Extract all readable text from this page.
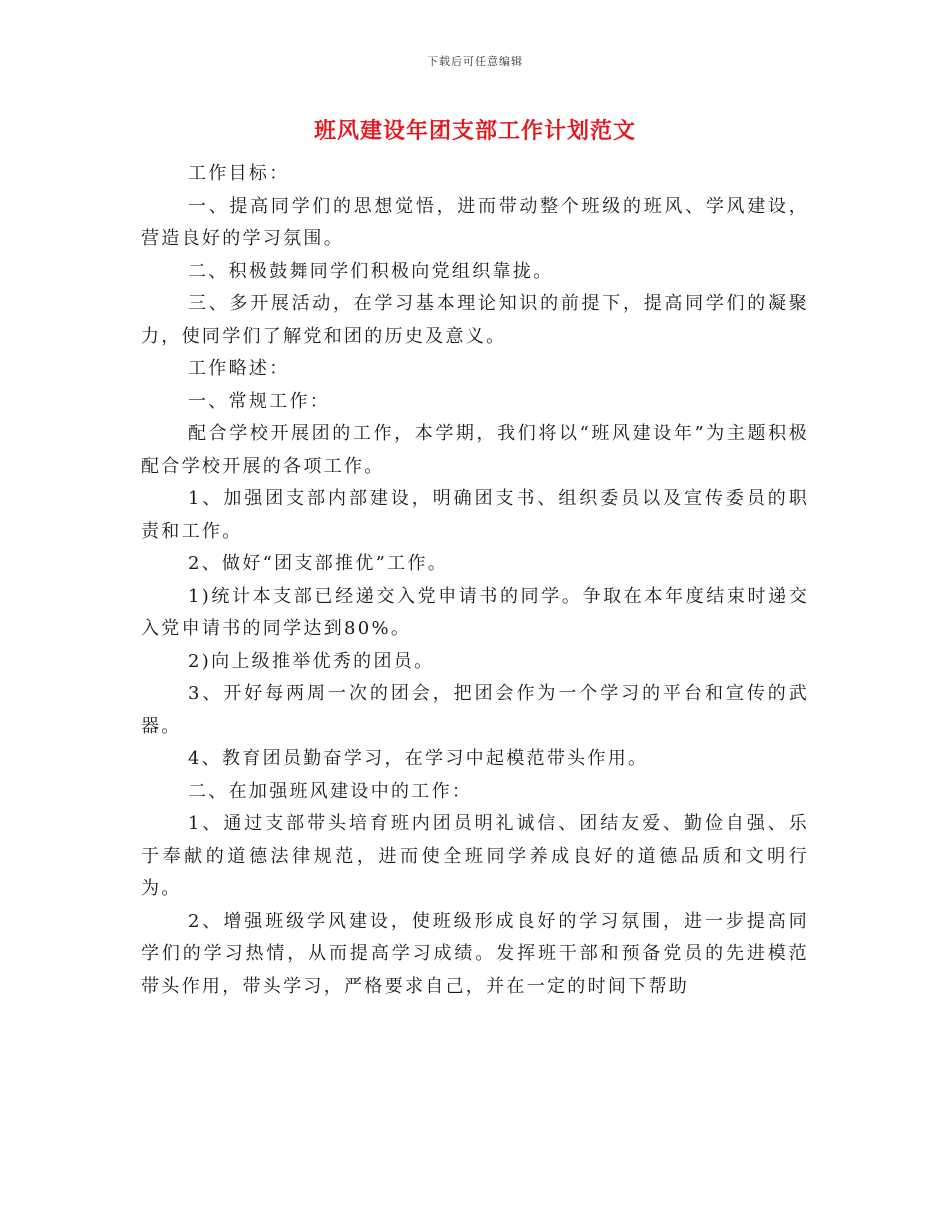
下载后可任意编辑
班风建设年团支部工作计划范文

工作目标：

一、提高同学们的思想觉悟，进而带动整个班级的班风、学风建设，营造良好的学习氛围。

二、积极鼓舞同学们积极向党组织靠拢。

三、多开展活动，在学习基本理论知识的前提下，提高同学们的凝聚力，使同学们了解党和团的历史及意义。

工作略述：

一、常规工作：

配合学校开展团的工作，本学期，我们将以“班风建设年”为主题积极配合学校开展的各项工作。

1、加强团支部内部建设，明确团支书、组织委员以及宣传委员的职责和工作。

2、做好“团支部推优”工作。

1)统计本支部已经递交入党申请书的同学。争取在本年度结束时递交入党申请书的同学达到80%。

2)向上级推举优秀的团员。

3、开好每两周一次的团会，把团会作为一个学习的平台和宣传的武器。

4、教育团员勤奋学习，在学习中起模范带头作用。

二、在加强班风建设中的工作：

1、通过支部带头培育班内团员明礼诚信、团结友爱、勤俭自强、乐于奉献的道德法律规范，进而使全班同学养成良好的道德品质和文明行为。

2、增强班级学风建设，使班级形成良好的学习氛围，进一步提高同学们的学习热情，从而提高学习成绩。发挥班干部和预备党员的先进模范带头作用，带头学习，严格要求自己，并在一定的时间下帮助
